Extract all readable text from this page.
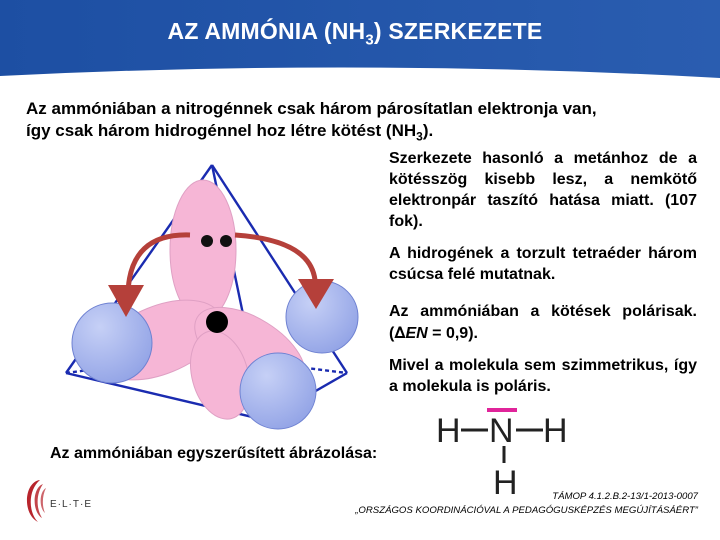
AZ AMMÓNIA $(NH_3)$ SZERKEZETE
Az ammóniában a nitrogénnek csak három párosítatlan elektronja van,
így csak három hidrogénnel hoz létre kötést $(NH_3)$.
Szerkezete hasonló a metánhoz de a kötésszög kisebb lesz, a nemkötő elektronpár taszító hatása miatt. (107 fok).
A hidrogének a torzult tetraéder három csúcsa felé mutatnak.
Az ammóniában a kötések polárisak. (∆EN = 0,9).
Mivel a molekula sem szimmetrikus, így a molekula is poláris.
Az ammóniában egyszerűsített ábrázolása:
H N H
H
E·L·T·E
TÁMOP 4.1.2.B.2-13/1-2013-0007
„ORSZÁGOS KOORDINÁCIÓVAL A PEDAGÓGUSKÉPZÉS MEGÚJÍTÁSÁÉRT”
